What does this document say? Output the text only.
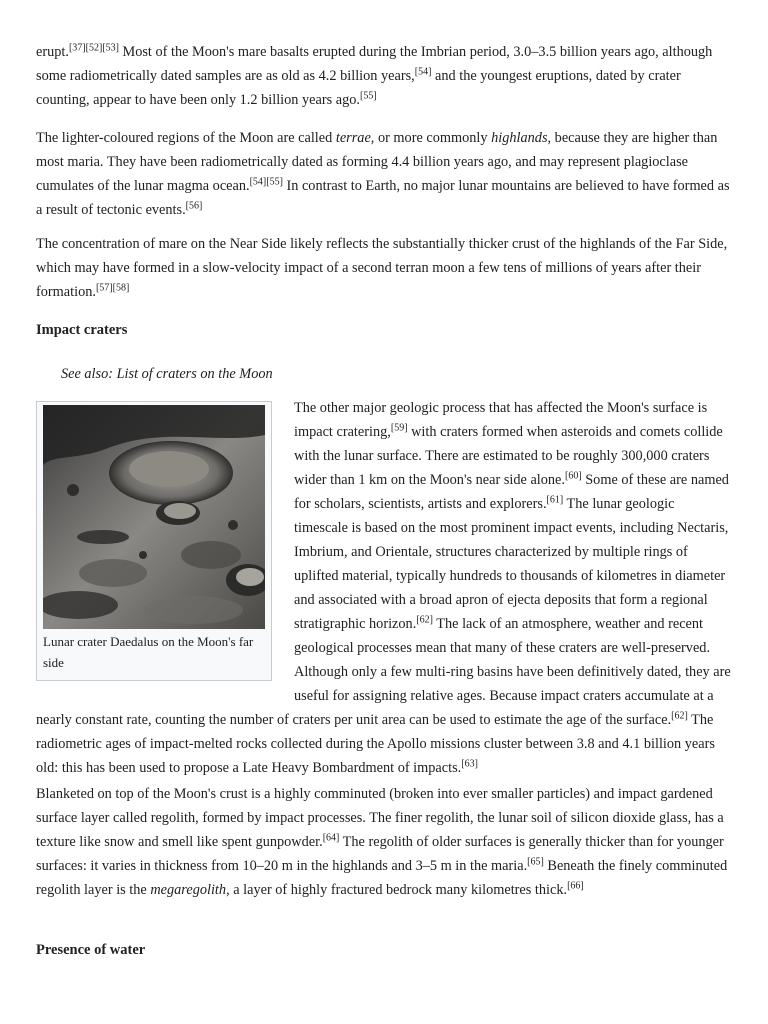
erupt.[37][52][53] Most of the Moon's mare basalts erupted during the Imbrian period, 3.0–3.5 billion years ago, although some radiometrically dated samples are as old as 4.2 billion years,[54] and the youngest eruptions, dated by crater counting, appear to have been only 1.2 billion years ago.[55]

The lighter-coloured regions of the Moon are called terrae, or more commonly highlands, because they are higher than most maria. They have been radiometrically dated as forming 4.4 billion years ago, and may represent plagioclase cumulates of the lunar magma ocean.[54][55] In contrast to Earth, no major lunar mountains are believed to have formed as a result of tectonic events.[56]

The concentration of mare on the Near Side likely reflects the substantially thicker crust of the highlands of the Far Side, which may have formed in a slow-velocity impact of a second terran moon a few tens of millions of years after their formation.[57][58]

Impact craters

See also: List of craters on the Moon

Lunar crater Daedalus on the Moon's far side
The other major geologic process that has affected the Moon's surface is impact cratering,[59] with craters formed when asteroids and comets collide with the lunar surface. There are estimated to be roughly 300,000 craters wider than 1 km on the Moon's near side alone.[60] Some of these are named for scholars, scientists, artists and explorers.[61] The lunar geologic timescale is based on the most prominent impact events, including Nectaris, Imbrium, and Orientale, structures characterized by multiple rings of uplifted material, typically hundreds to thousands of kilometres in diameter and associated with a broad apron of ejecta deposits that form a regional stratigraphic horizon.[62] The lack of an atmosphere, weather and recent geological processes mean that many of these craters are well-preserved. Although only a few multi-ring basins have been definitively dated, they are useful for assigning relative ages. Because impact craters accumulate at a nearly constant rate, counting the number of craters per unit area can be used to estimate the age of the surface.[62] The radiometric ages of impact-melted rocks collected during the Apollo missions cluster between 3.8 and 4.1 billion years old: this has been used to propose a Late Heavy Bombardment of impacts.[63]

Blanketed on top of the Moon's crust is a highly comminuted (broken into ever smaller particles) and impact gardened surface layer called regolith, formed by impact processes. The finer regolith, the lunar soil of silicon dioxide glass, has a texture like snow and smell like spent gunpowder.[64] The regolith of older surfaces is generally thicker than for younger surfaces: it varies in thickness from 10–20 m in the highlands and 3–5 m in the maria.[65] Beneath the finely comminuted regolith layer is the megaregolith, a layer of highly fractured bedrock many kilometres thick.[66]

Presence of water
